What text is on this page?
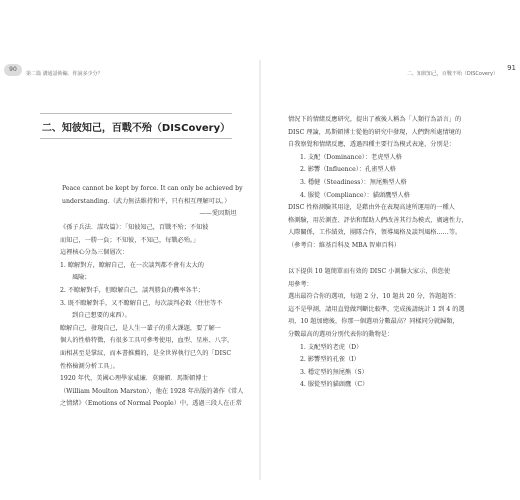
90
第二篇 溝通話術編．你說多少分？
二、知彼知己，百戰不殆（DISCovery）

Peace cannot be kept by force. It can only be achieved by

understanding.（武力無法維持和平，只有相互理解可以。）

——愛因斯坦

《孫子兵法．謀攻篇》：「知彼知己，百戰不殆；不知彼

而知己，一勝一負；不知彼，不知己，每戰必殆。」

這裡核心分為三個層次：

1. 瞭解對方，瞭解自己，在一次談判都不會有太大的

風險；

2. 不瞭解對手，但瞭解自己，談判勝負的機率各半；

3. 既不瞭解對手，又不瞭解自己，每次談判必敗（往往等不

到自己想要的東西）。

瞭解自己，發現自己，是人生一輩子的重大課題，要了解一

個人的性格特徵，有很多工具可參考使用，血型、星座、八字，

面相甚至是掌紋，而本書推薦的，是全世界執行已久的「DISC

性格檢測分析工具」。

1920 年代，美國心理學家威廉．莫爾頓．馬斯頓博士

（William Moulton Marston），他在 1928 年出版的著作《常人

之情緒》（Emotions of Normal People）中，透過三段人在正常

二、知彼知己，百戰不殆（DISCovery）
91

情況下的情緒反應研究，提出了被後人稱為「人類行為語言」的

DISC 理論，馬斯頓博士從他的研究中發現，人們對所處情境的

自我察覺和情緒反應，透過四種主要行為模式表達，分別是：

1. 支配（Dominance）：老虎型人格

2. 影響（Influence）：孔雀型人格

3. 穩健（Steadiness）：無尾熊型人格

4. 服從（Compliance）：貓頭鷹型人格

DISC 性格測驗其用途，是藉由外在表現高速所運用的一種人

格測驗，用於測查、評估和幫助人們改善其行為模式，廣適性力，

人際關係，工作績效，團隊合作，領導風格及談判風格……等。

（參考自：維基百科及 MBA 智庫百科）

以下提供 10 題簡單而有效的 DISC 小測驗大家示，供您使

用參考：

選出最符合你的選項，每題 2 分，10 題共 20 分，答題題答：

這不是學測，請用直覺做判斷比較準，完成後請統計 1 到 4 的選

項，10 題加總後，你那一個選項分數最高？同樣同分就歸類，

分數最高的選項分別代表你的動物是：

1. 支配型的老虎（D）

2. 影響型的孔雀（I）

3. 穩定型的無尾熊（S）

4. 服從型的貓頭鷹（C）
